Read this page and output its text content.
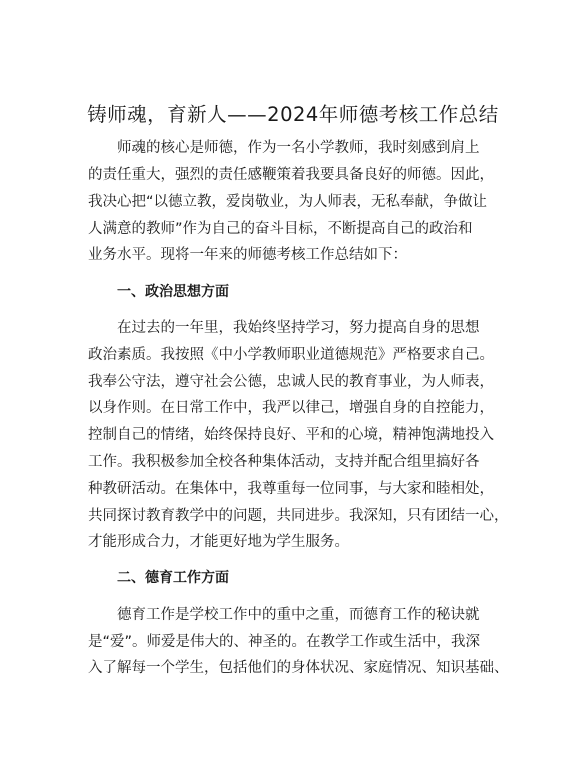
铸师魂，育新人——2024年师德考核工作总结
师魂的核心是师德，作为一名小学教师，我时刻感到肩上
的责任重大，强烈的责任感鞭策着我要具备良好的师德。因此，
我决心把“以德立教，爱岗敬业，为人师表，无私奉献，争做让
人满意的教师”作为自己的奋斗目标，不断提高自己的政治和
业务水平。现将一年来的师德考核工作总结如下：
一、政治思想方面
在过去的一年里，我始终坚持学习，努力提高自身的思想
政治素质。我按照《中小学教师职业道德规范》严格要求自己。
我奉公守法，遵守社会公德，忠诚人民的教育事业，为人师表，
以身作则。在日常工作中，我严以律己，增强自身的自控能力，
控制自己的情绪，始终保持良好、平和的心境，精神饱满地投入
工作。我积极参加全校各种集体活动，支持并配合组里搞好各
种教研活动。在集体中，我尊重每一位同事，与大家和睦相处，
共同探讨教育教学中的问题，共同进步。我深知，只有团结一心，
才能形成合力，才能更好地为学生服务。
二、德育工作方面
德育工作是学校工作中的重中之重，而德育工作的秘诀就
是“爱”。师爱是伟大的、神圣的。在教学工作或生活中，我深
入了解每一个学生，包括他们的身体状况、家庭情况、知识基础、
